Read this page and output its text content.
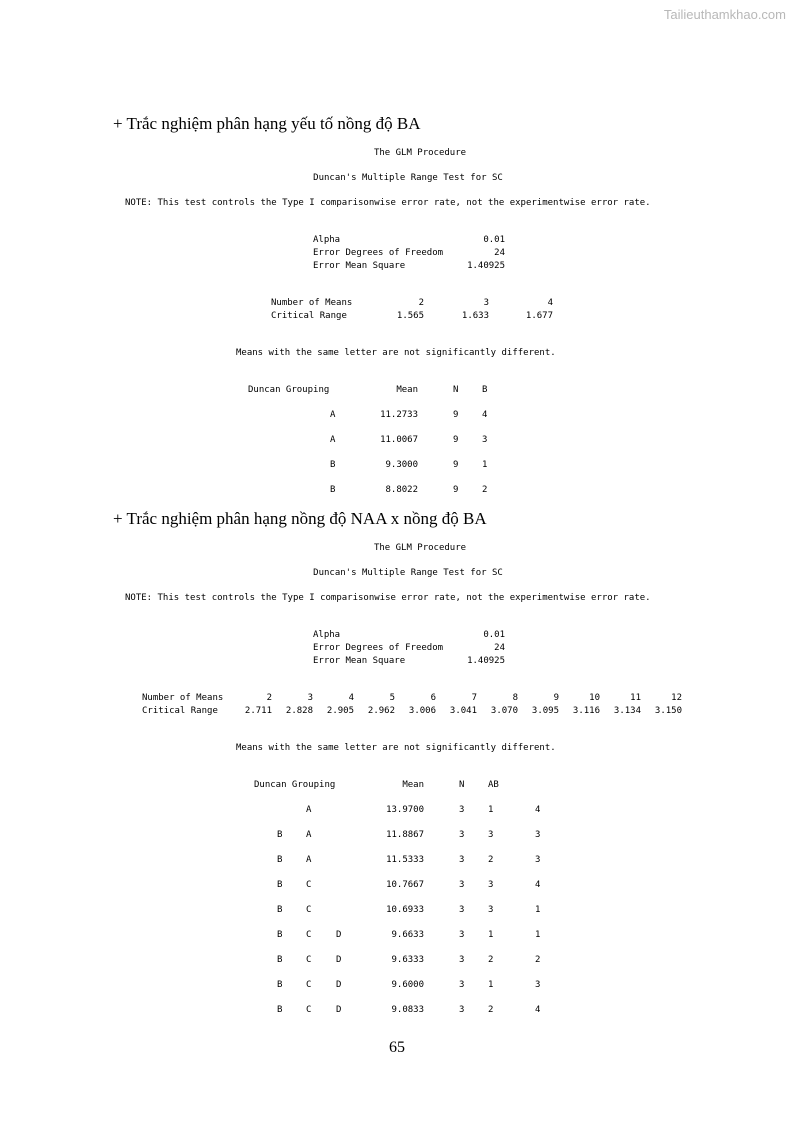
Tailieuthamkhao.com
+ Trắc nghiệm phân hạng yếu tố nồng độ BA
The GLM Procedure
Duncan's Multiple Range Test for SC
NOTE: This test controls the Type I comparisonwise error rate, not the experimentwise error rate.
Alpha	0.01
Error Degrees of Freedom	24
Error Mean Square	1.40925
Number of Means	2	3	4
Critical Range	1.565	1.633	1.677
Means with the same letter are not significantly different.
Duncan Grouping	Mean	N	B
A	11.2733	9	4
A	11.0067	9	3
B	9.3000	9	1
B	8.8022	9	2
+ Trắc nghiệm phân hạng nồng độ NAA x nồng độ BA
The GLM Procedure
Duncan's Multiple Range Test for SC
NOTE: This test controls the Type I comparisonwise error rate, not the experimentwise error rate.
Alpha	0.01
Error Degrees of Freedom	24
Error Mean Square	1.40925
Number of Means	2	3	4	5	6	7	8	9	10	11	12
Critical Range	2.711	2.828	2.905	2.962	3.006	3.041	3.070	3.095	3.116	3.134	3.150
Means with the same letter are not significantly different.
Duncan Grouping	Mean	N	AB
A	13.9700	3	1	4
B	A	11.8867	3	3	3
B	A	11.5333	3	2	3
B	C	10.7667	3	3	4
B	C	10.6933	3	3	1
B	C	D	9.6633	3	1	1
B	C	D	9.6333	3	2	2
B	C	D	9.6000	3	1	3
B	C	D	9.0833	3	2	4
65
